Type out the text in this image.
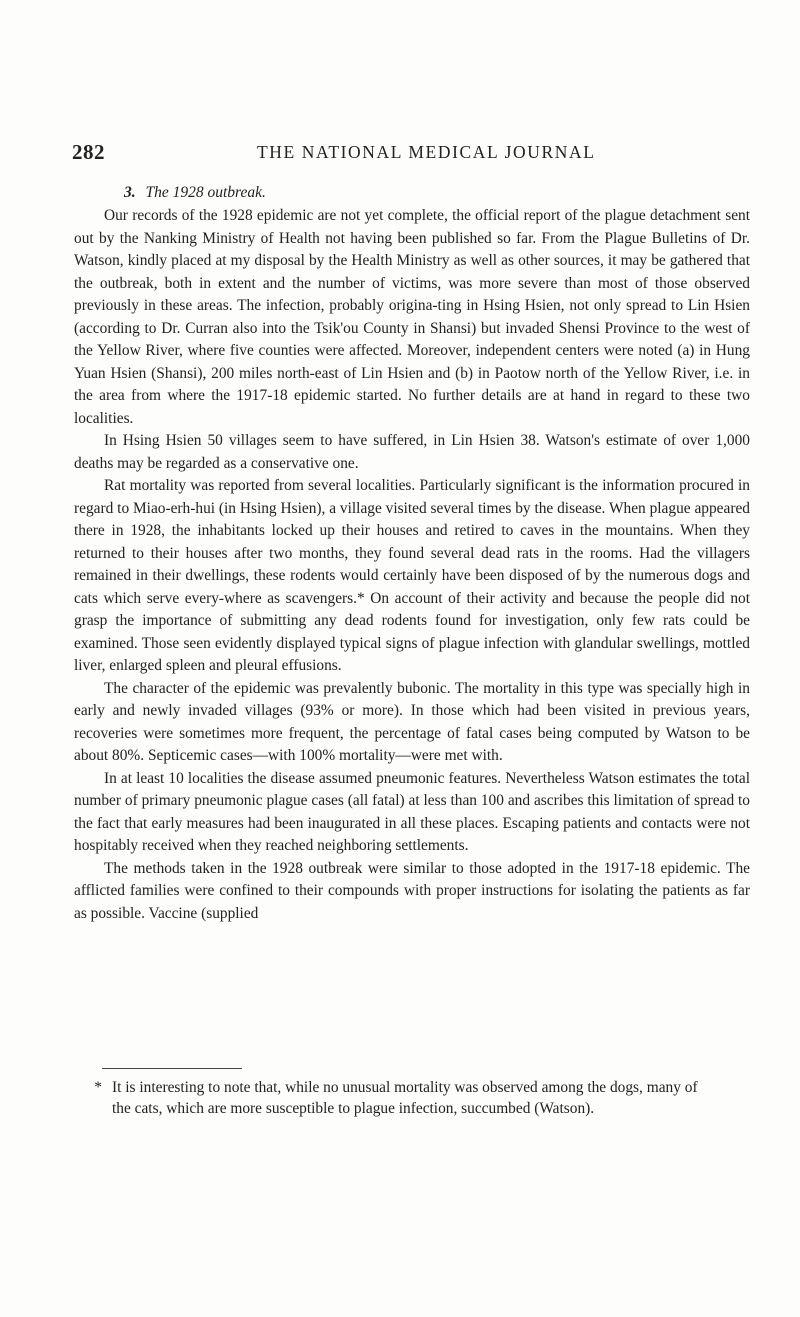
282	THE NATIONAL MEDICAL JOURNAL
3. The 1928 outbreak.

Our records of the 1928 epidemic are not yet complete, the official report of the plague detachment sent out by the Nanking Ministry of Health not having been published so far. From the Plague Bulletins of Dr. Watson, kindly placed at my disposal by the Health Ministry as well as other sources, it may be gathered that the outbreak, both in extent and the number of victims, was more severe than most of those observed previously in these areas. The infection, probably origina-ting in Hsing Hsien, not only spread to Lin Hsien (according to Dr. Curran also into the Tsik'ou County in Shansi) but invaded Shensi Province to the west of the Yellow River, where five counties were affected. Moreover, independent centers were noted (a) in Hung Yuan Hsien (Shansi), 200 miles north-east of Lin Hsien and (b) in Paotow north of the Yellow River, i.e. in the area from where the 1917-18 epidemic started. No further details are at hand in regard to these two localities.

In Hsing Hsien 50 villages seem to have suffered, in Lin Hsien 38. Watson's estimate of over 1,000 deaths may be regarded as a conservative one.

Rat mortality was reported from several localities. Particularly significant is the information procured in regard to Miao-erh-hui (in Hsing Hsien), a village visited several times by the disease. When plague appeared there in 1928, the inhabitants locked up their houses and retired to caves in the mountains. When they returned to their houses after two months, they found several dead rats in the rooms. Had the villagers remained in their dwellings, these rodents would certainly have been disposed of by the numerous dogs and cats which serve every-where as scavengers.* On account of their activity and because the people did not grasp the importance of submitting any dead rodents found for investigation, only few rats could be examined. Those seen evidently displayed typical signs of plague infection with glandular swellings, mottled liver, enlarged spleen and pleural effusions.

The character of the epidemic was prevalently bubonic. The mortality in this type was specially high in early and newly invaded villages (93% or more). In those which had been visited in previous years, recoveries were sometimes more frequent, the percentage of fatal cases being computed by Watson to be about 80%. Septicemic cases—with 100% mortality—were met with.

In at least 10 localities the disease assumed pneumonic features. Nevertheless Watson estimates the total number of primary pneumonic plague cases (all fatal) at less than 100 and ascribes this limitation of spread to the fact that early measures had been inaugurated in all these places. Escaping patients and contacts were not hospitably received when they reached neighboring settlements.

The methods taken in the 1928 outbreak were similar to those adopted in the 1917-18 epidemic. The afflicted families were confined to their compounds with proper instructions for isolating the patients as far as possible. Vaccine (supplied

* It is interesting to note that, while no unusual mortality was observed among the dogs, many of the cats, which are more susceptible to plague infection, succumbed (Watson).
